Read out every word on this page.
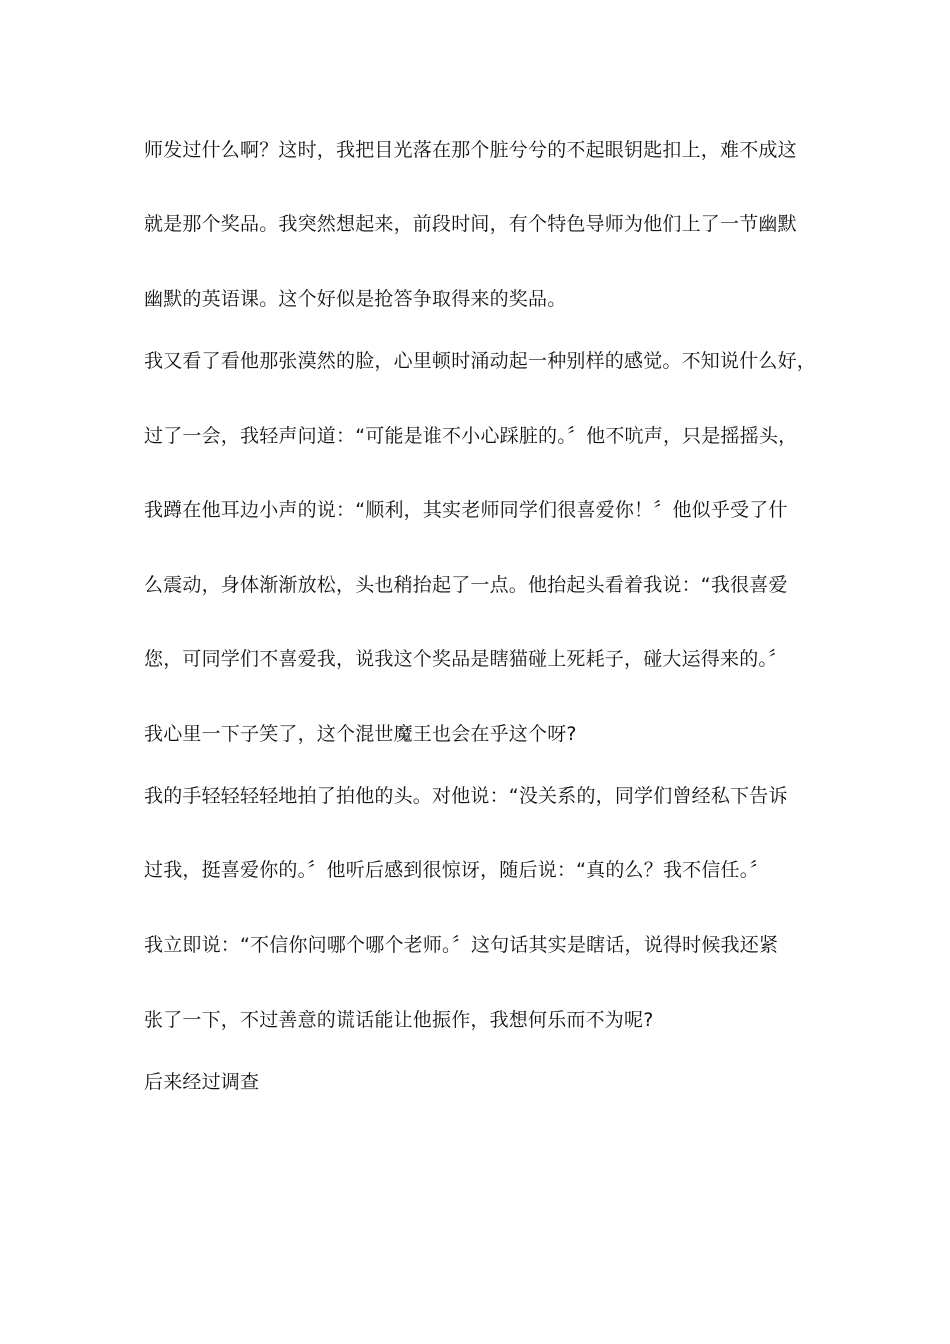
师发过什么啊？这时，我把目光落在那个脏兮兮的不起眼钥匙扣上，难不成这
就是那个奖品。我突然想起来，前段时间，有个特色导师为他们上了一节幽默
幽默的英语课。这个好似是抢答争取得来的奖品。
我又看了看他那张漠然的脸，心里顿时涌动起一种别样的感觉。不知说什么好，
过了一会，我轻声问道：“可能是谁不小心踩脏的。〞他不吭声，只是摇摇头，
我蹲在他耳边小声的说：“顺利，其实老师同学们很喜爱你！〞他似乎受了什
么震动，身体渐渐放松，头也稍抬起了一点。他抬起头看着我说：“我很喜爱
您，可同学们不喜爱我，说我这个奖品是瞎猫碰上死耗子，碰大运得来的。〞
我心里一下子笑了，这个混世魔王也会在乎这个呀?
我的手轻轻轻轻地拍了拍他的头。对他说：“没关系的，同学们曾经私下告诉
过我，挺喜爱你的。〞他听后感到很惊讶，随后说：“真的么？我不信任。〞
我立即说：“不信你问哪个哪个老师。〞这句话其实是瞎话，说得时候我还紧
张了一下，不过善意的谎话能让他振作，我想何乐而不为呢?
后来经过调查
